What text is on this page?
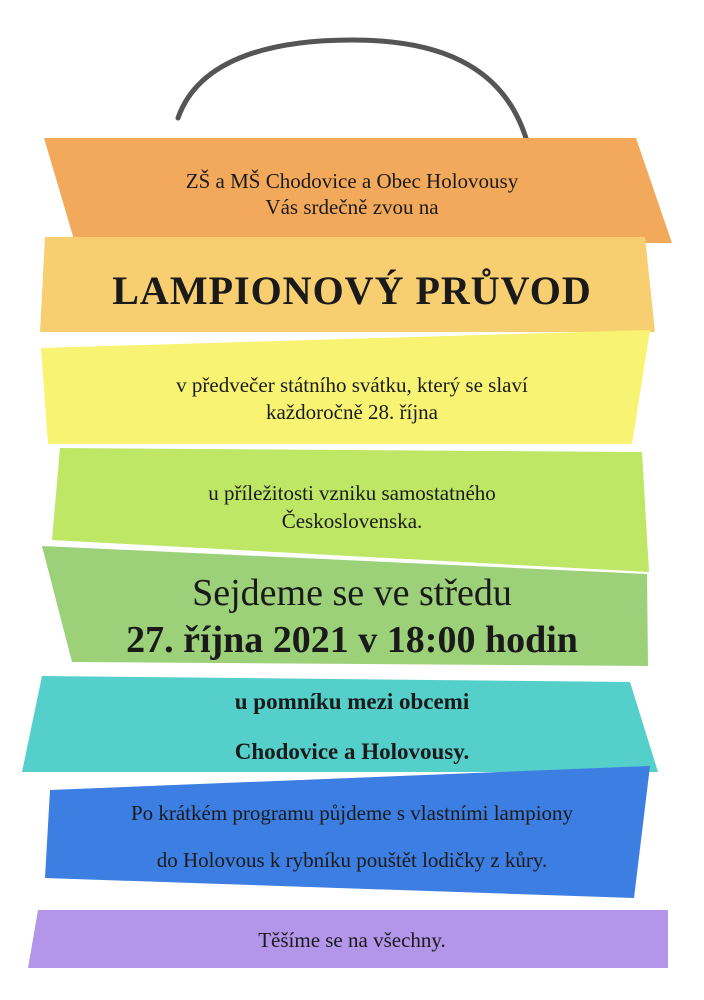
ZŠ a MŠ Chodovice a Obec Holovousy
Vás srdečně zvou na
LAMPIONOVÝ PRŮVOD
v předvečer státního svátku, který se slaví
každoročně 28. října
u příležitosti vzniku samostatného
Československa.
Sejdeme se ve středu
27. října 2021 v 18:00 hodin
u pomníku mezi obcemi
Chodovice a Holovousy.
Po krátkém programu půjdeme s vlastními lampiony
do Holovous k rybníku pouštět lodičky z kůry.
Těšíme se na všechny.
